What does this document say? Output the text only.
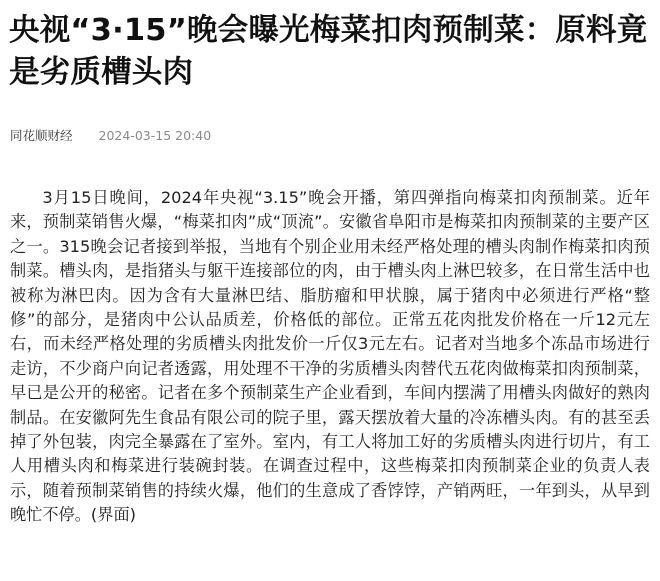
央视“3·15”晚会曝光梅菜扣肉预制菜：原料竟是劣质槽头肉
同花顺财经 2024-03-15 20:40

3月15日晚间，2024年央视“3.15”晚会开播，第四弹指向梅菜扣肉预制菜。近年来，预制菜销售火爆，“梅菜扣肉”成“顶流”。安徽省阜阳市是梅菜扣肉预制菜的主要产区之一。315晚会记者接到举报，当地有个别企业用未经严格处理的槽头肉制作梅菜扣肉预制菜。槽头肉，是指猪头与躯干连接部位的肉，由于槽头肉上淋巴较多，在日常生活中也被称为淋巴肉。因为含有大量淋巴结、脂肪瘤和甲状腺，属于猪肉中必须进行严格“整修”的部分，是猪肉中公认品质差，价格低的部位。正常五花肉批发价格在一斤12元左右，而未经严格处理的劣质槽头肉批发价一斤仅3元左右。记者对当地多个冻品市场进行走访，不少商户向记者透露，用处理不干净的劣质槽头肉替代五花肉做梅菜扣肉预制菜，早已是公开的秘密。记者在多个预制菜生产企业看到，车间内摆满了用槽头肉做好的熟肉制品。在安徽阿先生食品有限公司的院子里，露天摆放着大量的冷冻槽头肉。有的甚至丢掉了外包装，肉完全暴露在了室外。室内，有工人将加工好的劣质槽头肉进行切片，有工人用槽头肉和梅菜进行装碗封装。在调查过程中，这些梅菜扣肉预制菜企业的负责人表示，随着预制菜销售的持续火爆，他们的生意成了香饽饽，产销两旺，一年到头，从早到晚忙不停。(界面)
